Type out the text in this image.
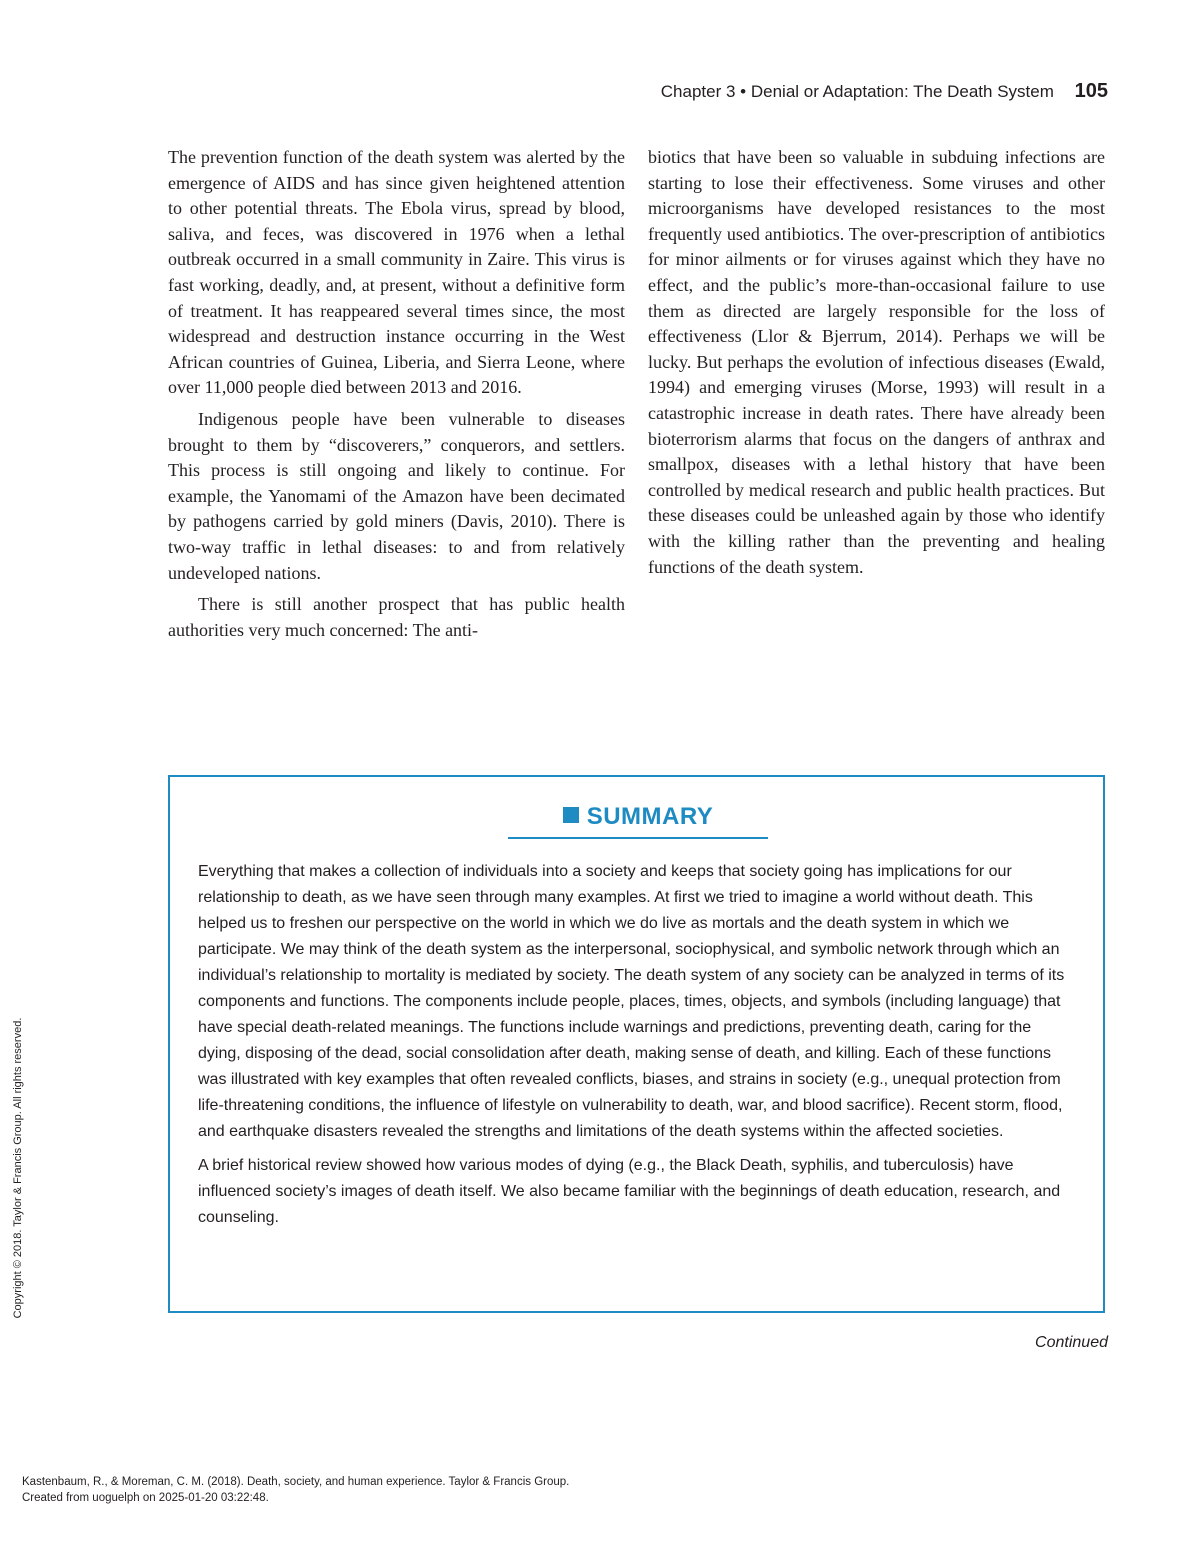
Chapter 3 • Denial or Adaptation: The Death System 105

The prevention function of the death system was alerted by the emergence of AIDS and has since given heightened attention to other potential threats. The Ebola virus, spread by blood, saliva, and feces, was discovered in 1976 when a lethal outbreak occurred in a small community in Zaire. This virus is fast working, deadly, and, at present, without a definitive form of treatment. It has reappeared several times since, the most widespread and destruction instance occurring in the West African countries of Guinea, Liberia, and Sierra Leone, where over 11,000 people died between 2013 and 2016.

Indigenous people have been vulnerable to diseases brought to them by “discoverers,” conquerors, and settlers. This process is still ongoing and likely to continue. For example, the Yanomami of the Amazon have been decimated by pathogens carried by gold miners (Davis, 2010). There is two-way traffic in lethal diseases: to and from relatively undeveloped nations.

There is still another prospect that has public health authorities very much concerned: The anti-

biotics that have been so valuable in subduing infections are starting to lose their effectiveness. Some viruses and other microorganisms have developed resistances to the most frequently used antibiotics. The over-prescription of antibiotics for minor ailments or for viruses against which they have no effect, and the public’s more-than-occasional failure to use them as directed are largely responsible for the loss of effectiveness (Llor & Bjerrum, 2014). Perhaps we will be lucky. But perhaps the evolution of infectious diseases (Ewald, 1994) and emerging viruses (Morse, 1993) will result in a catastrophic increase in death rates. There have already been bioterrorism alarms that focus on the dangers of anthrax and smallpox, diseases with a lethal history that have been controlled by medical research and public health practices. But these diseases could be unleashed again by those who identify with the killing rather than the preventing and healing functions of the death system.

SUMMARY

Everything that makes a collection of individuals into a society and keeps that society going has implications for our relationship to death, as we have seen through many examples. At first we tried to imagine a world without death. This helped us to freshen our perspective on the world in which we do live as mortals and the death system in which we participate. We may think of the death system as the interpersonal, sociophysical, and symbolic network through which an individual’s relationship to mortality is mediated by society. The death system of any society can be analyzed in terms of its components and functions. The components include people, places, times, objects, and symbols (including language) that have special death-related meanings. The functions include warnings and predictions, preventing death, caring for the dying, disposing of the dead, social consolidation after death, making sense of death, and killing. Each of these functions was illustrated with key examples that often revealed conflicts, biases, and strains in society (e.g., unequal protection from life-threatening conditions, the influence of lifestyle on vulnerability to death, war, and blood sacrifice). Recent storm, flood, and earthquake disasters revealed the strengths and limitations of the death systems within the affected societies.

A brief historical review showed how various modes of dying (e.g., the Black Death, syphilis, and tuberculosis) have influenced society’s images of death itself. We also became familiar with the beginnings of death education, research, and counseling.

Continued
Copyright © 2018. Taylor & Francis Group. All rights reserved.
Kastenbaum, R., & Moreman, C. M. (2018). Death, society, and human experience. Taylor & Francis Group.
Created from uoguelph on 2025-01-20 03:22:48.
